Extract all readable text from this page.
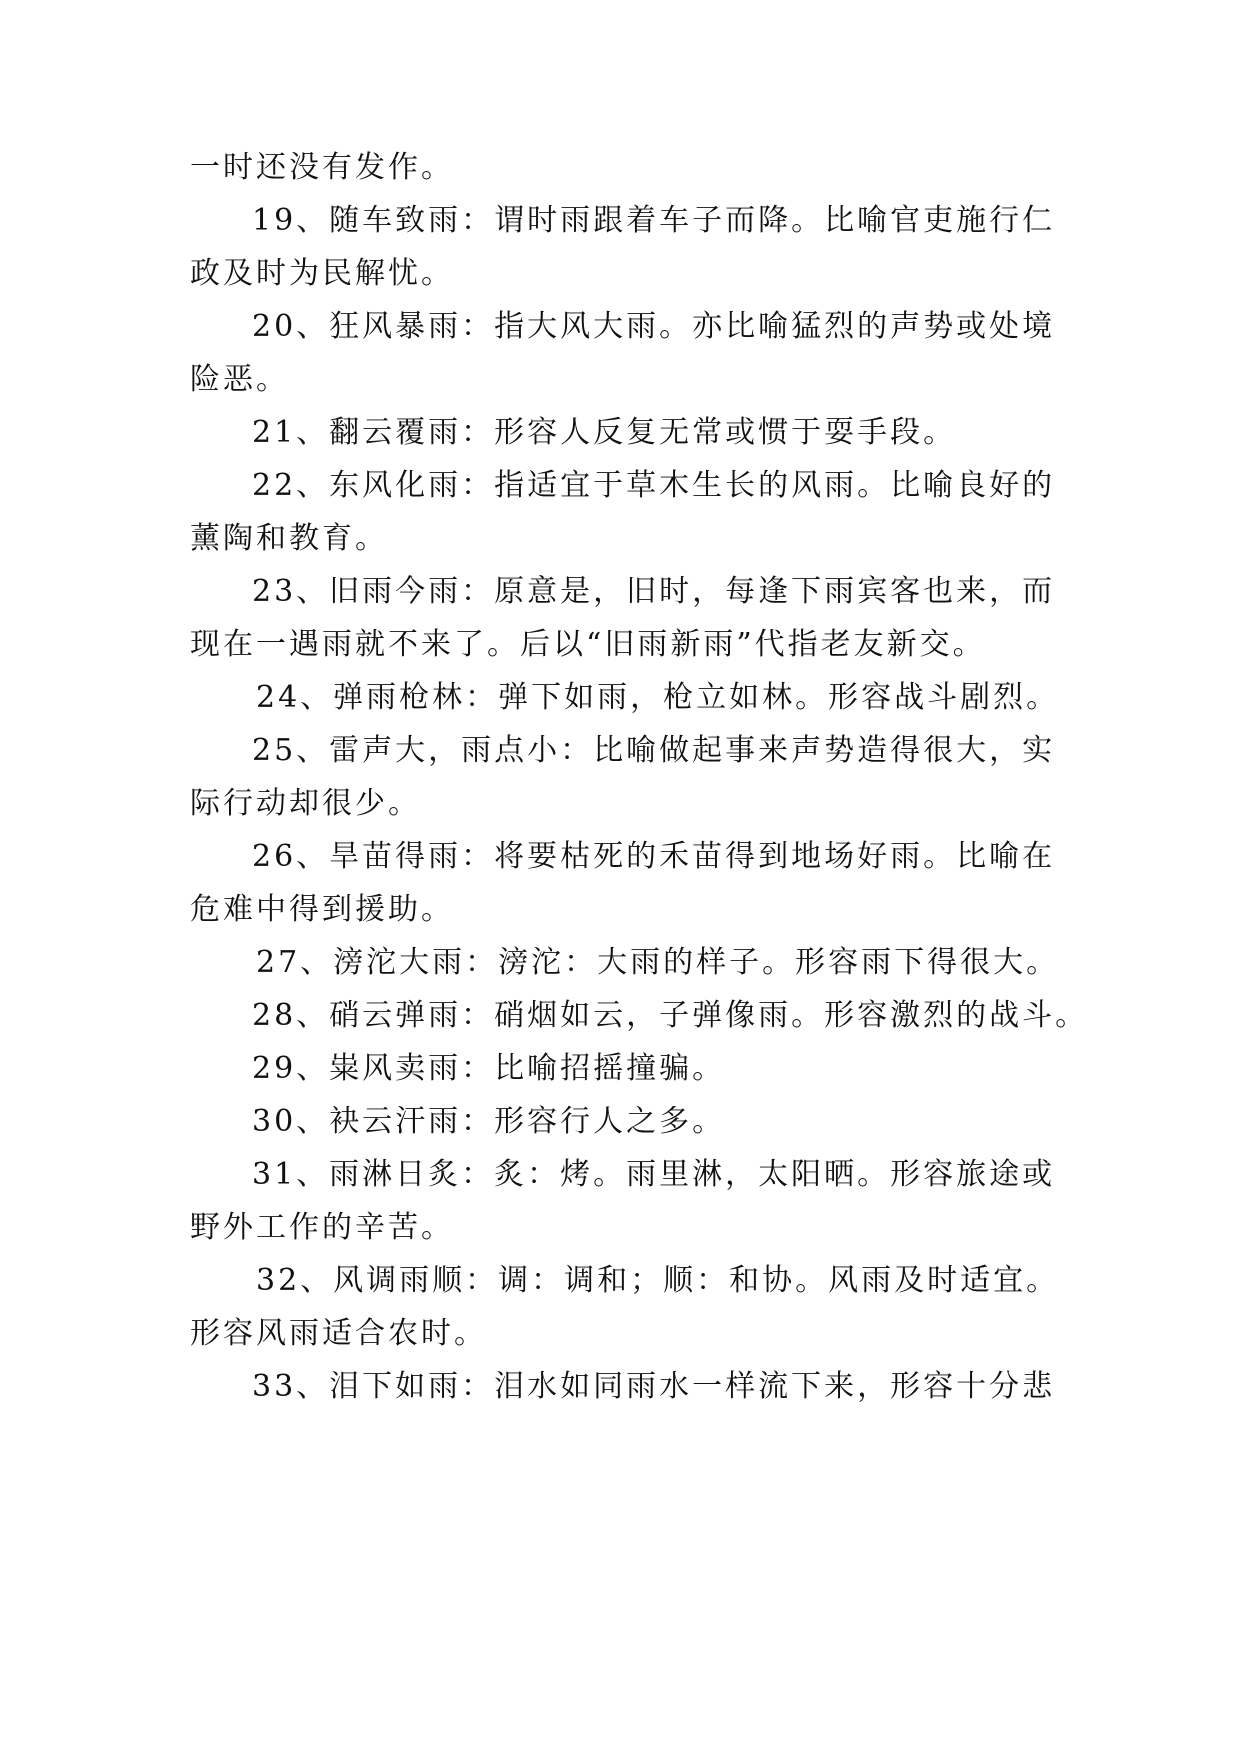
一时还没有发作。
19、随车致雨：谓时雨跟着车子而降。比喻官吏施行仁
政及时为民解忧。
20、狂风暴雨：指大风大雨。亦比喻猛烈的声势或处境
险恶。
21、翻云覆雨：形容人反复无常或惯于耍手段。
22、东风化雨：指适宜于草木生长的风雨。比喻良好的
薰陶和教育。
23、旧雨今雨：原意是，旧时，每逢下雨宾客也来，而
现在一遇雨就不来了。后以“旧雨新雨”代指老友新交。
24、弹雨枪林：弹下如雨，枪立如林。形容战斗剧烈。
25、雷声大，雨点小：比喻做起事来声势造得很大，实
际行动却很少。
26、旱苗得雨：将要枯死的禾苗得到地场好雨。比喻在
危难中得到援助。
27、滂沱大雨：滂沱：大雨的样子。形容雨下得很大。
28、硝云弹雨：硝烟如云，子弹像雨。形容激烈的战斗。
29、粜风卖雨：比喻招摇撞骗。
30、袂云汗雨：形容行人之多。
31、雨淋日炙：炙：烤。雨里淋，太阳晒。形容旅途或
野外工作的辛苦。
32、风调雨顺：调：调和；顺：和协。风雨及时适宜。
形容风雨适合农时。
33、泪下如雨：泪水如同雨水一样流下来，形容十分悲
